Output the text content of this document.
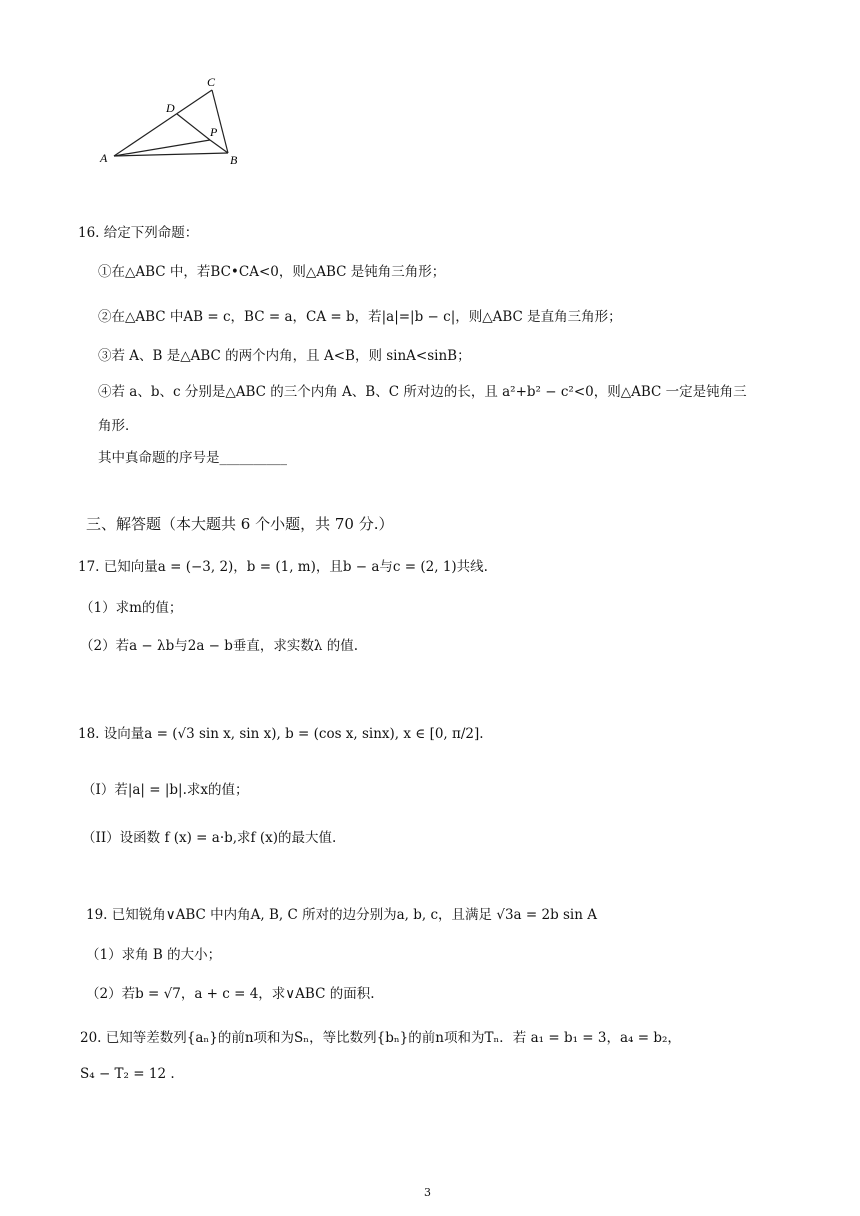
A	B
C
D
P
16. 给定下列命题：
①在△ABC 中，若BC•CA<0，则△ABC 是钝角三角形；
②在△ABC 中AB = c，BC = a，CA = b，若|a|=|b − c|，则△ABC 是直角三角形；
③若 A、B 是△ABC 的两个内角，且 A<B，则 sinA<sinB；
④若 a、b、c 分别是△ABC 的三个内角 A、B、C 所对边的长，且 a²+b² − c²<0，则△ABC 一定是钝角三
角形．
其中真命题的序号是__________
三、解答题（本大题共 6 个小题，共 70 分.）
17. 已知向量a = (−3, 2)，b = (1, m)，且b − a与c = (2, 1)共线.
（1）求m的值；
（2）若a − λb与2a − b垂直，求实数λ 的值.
18. 设向量a = (√3 sin x, sin x), b = (cos x, sinx), x ∈ [0, π/2].
（I）若|a| = |b|.求x的值；
（II）设函数 f (x) = a·b,求f (x)的最大值.
19. 已知锐角∨ABC 中内角A, B, C 所对的边分别为a, b, c，且满足 √3a = 2b sin A
（1）求角 B 的大小；
（2）若b = √7，a + c = 4，求∨ABC 的面积.
20. 已知等差数列{aₙ}的前n项和为Sₙ，等比数列{bₙ}的前n项和为Tₙ．若 a₁ = b₁ = 3，a₄ = b₂，
S₄ − T₂ = 12 .
3
